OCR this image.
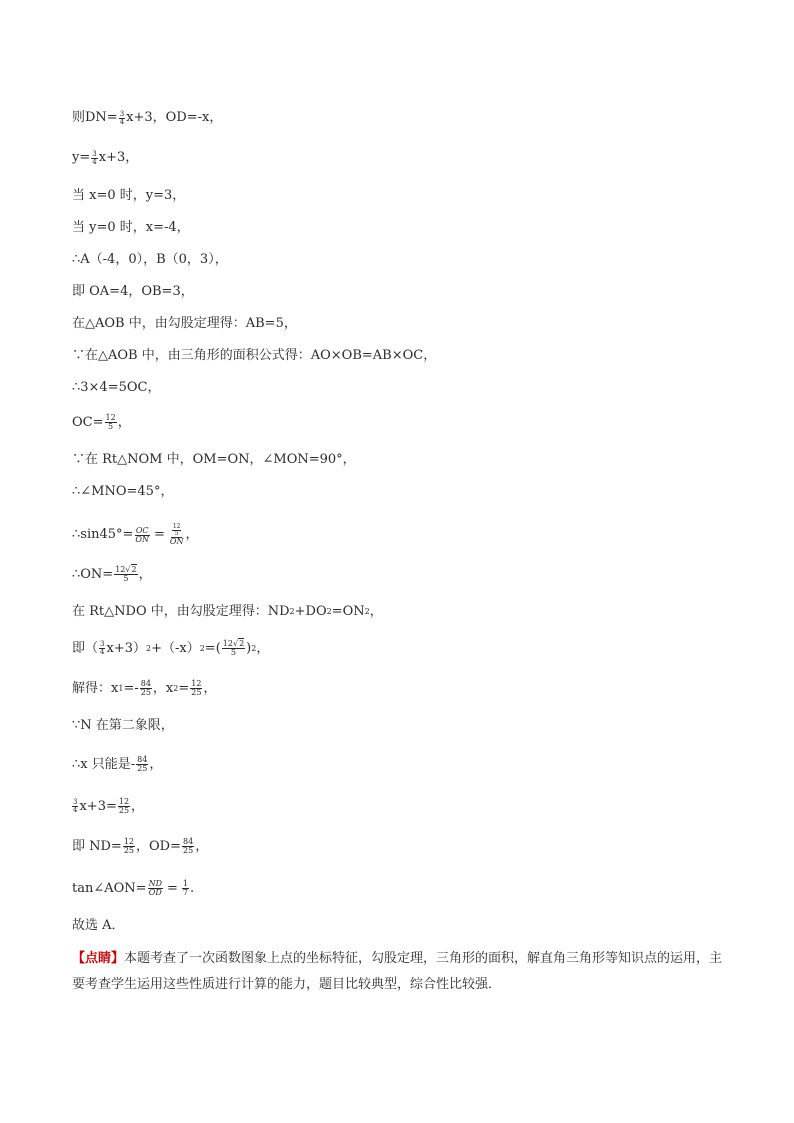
则$DN= \frac{3}{4} x+3$，OD=-x，
$y= \frac{3}{4} x+3$，
当 x=0 时，y=3，
当 y=0 时，x=-4，
∴A（-4，0），B（0，3），
即 OA=4，OB=3，
在△AOB 中，由勾股定理得：AB=5，
∵在△AOB 中，由三角形的面积公式得：AO×OB=AB×OC，
∴3×4=5OC，
$OC= \frac{12}{5}$ ，
∵在 Rt△NOM 中，OM=ON，∠MON=90°，
∴∠MNO=45°，
∴sin45°= $\frac{OC}{ON} = \frac{\frac{12}{5}}{ON}$ ，
∴ON= $\frac{12√2}{5}$ ，
在 Rt△NDO 中，由勾股定理得：ND 2 +DO 2 =ON 2 ，
即（ $\frac{3}{4} x+3$） 2 +（-x） 2 =( $\frac{12√2}{5}$ ) 2 ，
解得：x $1 =- \frac{84}{25}$ ，x $2 = \frac{12}{25}$ ，
∵N 在第二象限，
∴x 只能是- $\frac{84}{25}$ ，
$\frac{3}{4} x+3= \frac{12}{25}$ ，
即 $ND= \frac{12}{25}$ ，$OD= \frac{84}{25}$ ，
tan∠AON= $\frac{ND}{OD} = \frac{1}{7}$ .
故选 A．
【点睛】本题考查了一次函数图象上点的坐标特征，勾股定理，三角形的面积，解直角三角形等知识点的运用，主要考查学生运用这些性质进行计算的能力，题目比较典型，综合性比较强．
